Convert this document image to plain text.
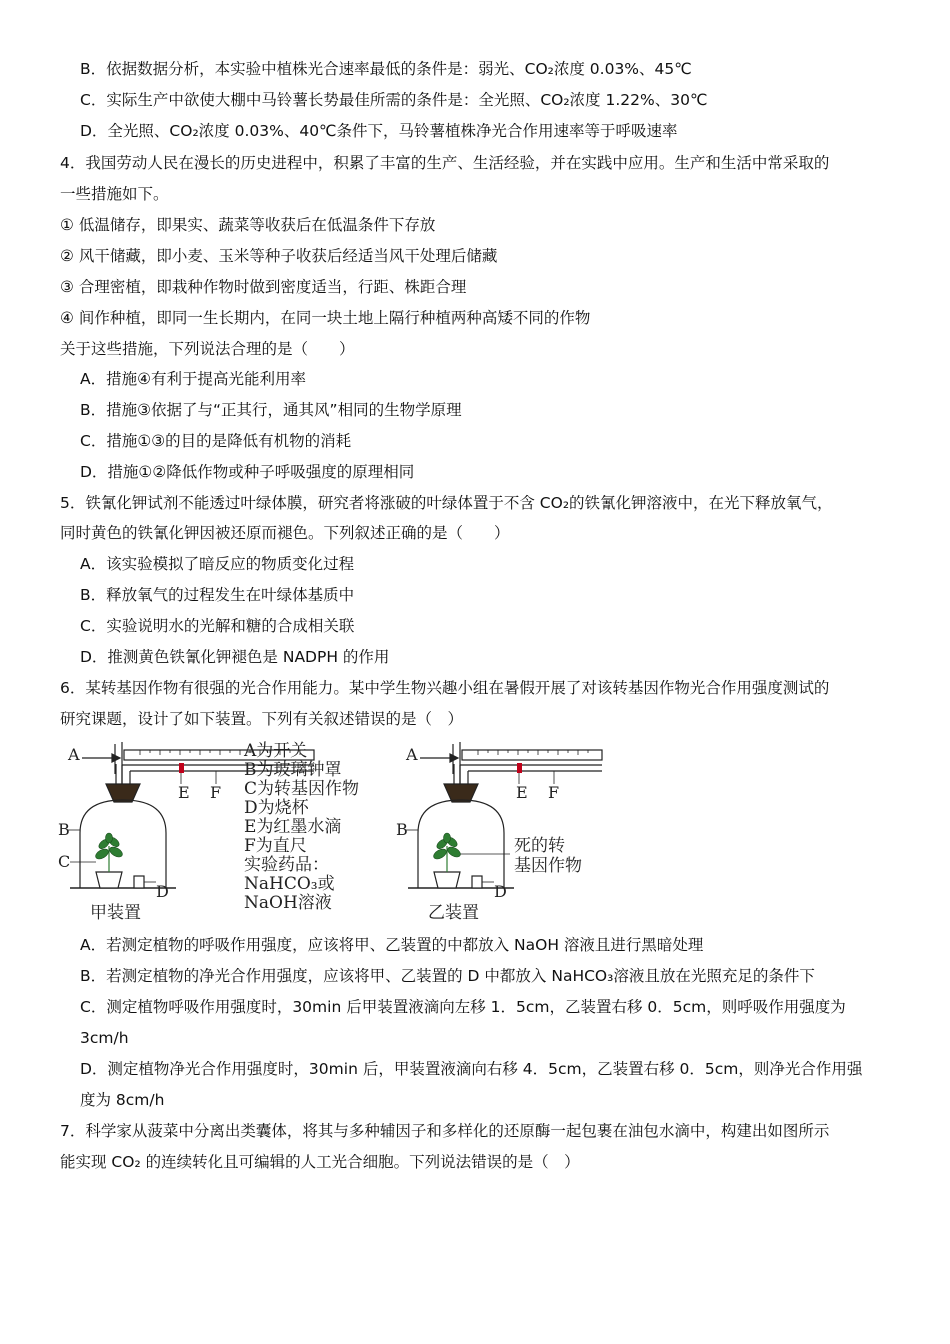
B．依据数据分析，本实验中植株光合速率最低的条件是：弱光、CO₂浓度 0.03%、45℃
C．实际生产中欲使大棚中马铃薯长势最佳所需的条件是：全光照、CO₂浓度 1.22%、30℃
D．全光照、CO₂浓度 0.03%、40℃条件下，马铃薯植株净光合作用速率等于呼吸速率
4．我国劳动人民在漫长的历史进程中，积累了丰富的生产、生活经验，并在实践中应用。生产和生活中常采取的
一些措施如下。
① 低温储存，即果实、蔬菜等收获后在低温条件下存放
② 风干储藏，即小麦、玉米等种子收获后经适当风干处理后储藏
③ 合理密植，即栽种作物时做到密度适当，行距、株距合理
④ 间作种植，即同一生长期内，在同一块土地上隔行种植两种高矮不同的作物
关于这些措施，下列说法合理的是（　　）
A．措施④有利于提高光能利用率
B．措施③依据了与“正其行，通其风”相同的生物学原理
C．措施①③的目的是降低有机物的消耗
D．措施①②降低作物或种子呼吸强度的原理相同
5．铁氰化钾试剂不能透过叶绿体膜，研究者将涨破的叶绿体置于不含 CO₂的铁氰化钾溶液中，在光下释放氧气，
同时黄色的铁氰化钾因被还原而褪色。下列叙述正确的是（　　）
A．该实验模拟了暗反应的物质变化过程
B．释放氧气的过程发生在叶绿体基质中
C．实验说明水的光解和糖的合成相关联
D．推测黄色铁氰化钾褪色是 NADPH 的作用
6．某转基因作物有很强的光合作用能力。某中学生物兴趣小组在暑假开展了对该转基因作物光合作用强度测试的
研究课题，设计了如下装置。下列有关叙述错误的是（　）
A
E F
B
C
D
甲装置
A为开关
B为玻璃钟罩
C为转基因作物
D为烧杯
E为红墨水滴
F为直尺
实验药品：
NaHCO₃或
NaOH溶液
A
E F
B
D
死的转
基因作物
乙装置
A．若测定植物的呼吸作用强度，应该将甲、乙装置的中都放入 NaOH 溶液且进行黑暗处理
B．若测定植物的净光合作用强度，应该将甲、乙装置的 D 中都放入 NaHCO₃溶液且放在光照充足的条件下
C．测定植物呼吸作用强度时，30min 后甲装置液滴向左移 1．5cm，乙装置右移 0．5cm，则呼吸作用强度为
3cm/h
D．测定植物净光合作用强度时，30min 后，甲装置液滴向右移 4．5cm，乙装置右移 0．5cm，则净光合作用强
度为 8cm/h
7．科学家从菠菜中分离出类囊体，将其与多种辅因子和多样化的还原酶一起包裹在油包水滴中，构建出如图所示
能实现 CO₂ 的连续转化且可编辑的人工光合细胞。下列说法错误的是（　）
